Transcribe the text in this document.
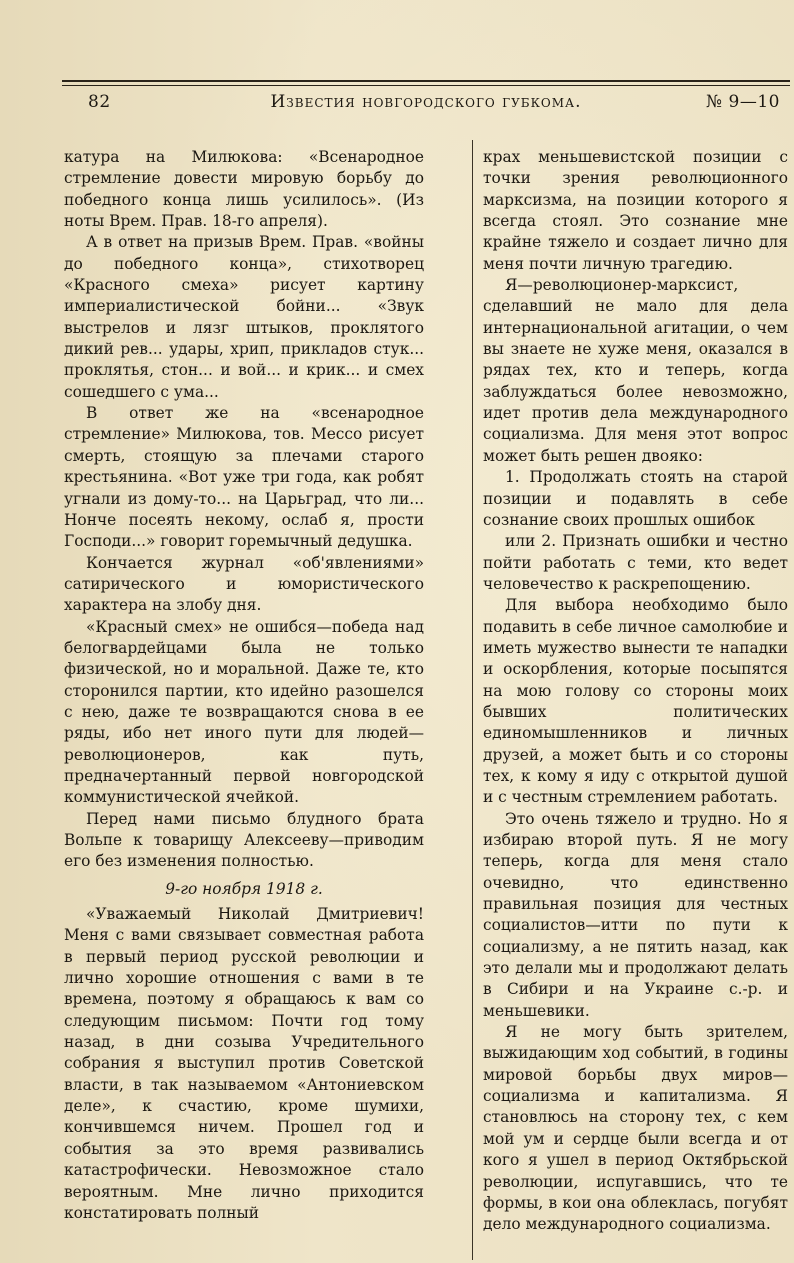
82	Известия новгородского губкома.	№ 9—10

катура на Милюкова: «Всенародное стремление довести мировую борьбу до победного конца лишь усилилось». (Из ноты Врем. Прав. 18-го апреля).

А в ответ на призыв Врем. Прав. «войны до победного конца», стихотворец «Красного смеха» рисует картину империалистической бойни... «Звук выстрелов и лязг штыков, проклятого дикий рев... удары, хрип, прикладов стук... проклятья, стон... и вой... и крик... и смех сошедшего с ума...

В ответ же на «всенародное стремление» Милюкова, тов. Мессо рисует смерть, стоящую за плечами старого крестьянина. «Вот уже три года, как робят угнали из дому-то... на Царьград, что ли... Нонче посеять некому, ослаб я, прости Господи...» говорит горемычный дедушка.

Кончается журнал «об'явлениями» сатирического и юмористического характера на злобу дня.

«Красный смех» не ошибся—победа над белогвардейцами была не только физической, но и моральной. Даже те, кто сторонился партии, кто идейно разошелся с нею, даже те возвращаются снова в ее ряды, ибо нет иного пути для людей—революционеров, как путь, предначертанный первой новгородской коммунистической ячейкой.

Перед нами письмо блудного брата Вольпе к товарищу Алексееву—приводим его без изменения полностью.

9-го ноября 1918 г.

«Уважаемый Николай Дмитриевич! Меня с вами связывает совместная работа в первый период русской революции и лично хорошие отношения с вами в те времена, поэтому я обращаюсь к вам со следующим письмом: Почти год тому назад, в дни созыва Учредительного собрания я выступил против Советской власти, в так называемом «Антониевском деле», к счастию, кроме шумихи, кончившемся ничем. Прошел год и события за это время развивались катастрофически. Невозможное стало вероятным. Мне лично приходится констатировать полный

крах меньшевистской позиции с точки зрения революционного марксизма, на позиции которого я всегда стоял. Это сознание мне крайне тяжело и создает лично для меня почти личную трагедию.

Я—революционер-марксист, сделавший не мало для дела интернациональной агитации, о чем вы знаете не хуже меня, оказался в рядах тех, кто и теперь, когда заблуждаться более невозможно, идет против дела международного социализма. Для меня этот вопрос может быть решен двояко:

1. Продолжать стоять на старой позиции и подавлять в себе сознание своих прошлых ошибок

или 2. Признать ошибки и честно пойти работать с теми, кто ведет человечество к раскрепощению.

Для выбора необходимо было подавить в себе личное самолюбие и иметь мужество вынести те нападки и оскорбления, которые посыпятся на мою голову со стороны моих бывших политических единомышленников и личных друзей, а может быть и со стороны тех, к кому я иду с открытой душой и с честным стремлением работать.

Это очень тяжело и трудно. Но я избираю второй путь. Я не могу теперь, когда для меня стало очевидно, что единственно правильная позиция для честных социалистов—итти по пути к социализму, а не пятить назад, как это делали мы и продолжают делать в Сибири и на Украине с.-р. и меньшевики.

Я не могу быть зрителем, выжидающим ход событий, в годины мировой борьбы двух миров—социализма и капитализма. Я становлюсь на сторону тех, с кем мой ум и сердце были всегда и от кого я ушел в период Октябрьской революции, испугавшись, что те формы, в кои она облеклась, погубят дело международного социализма.
